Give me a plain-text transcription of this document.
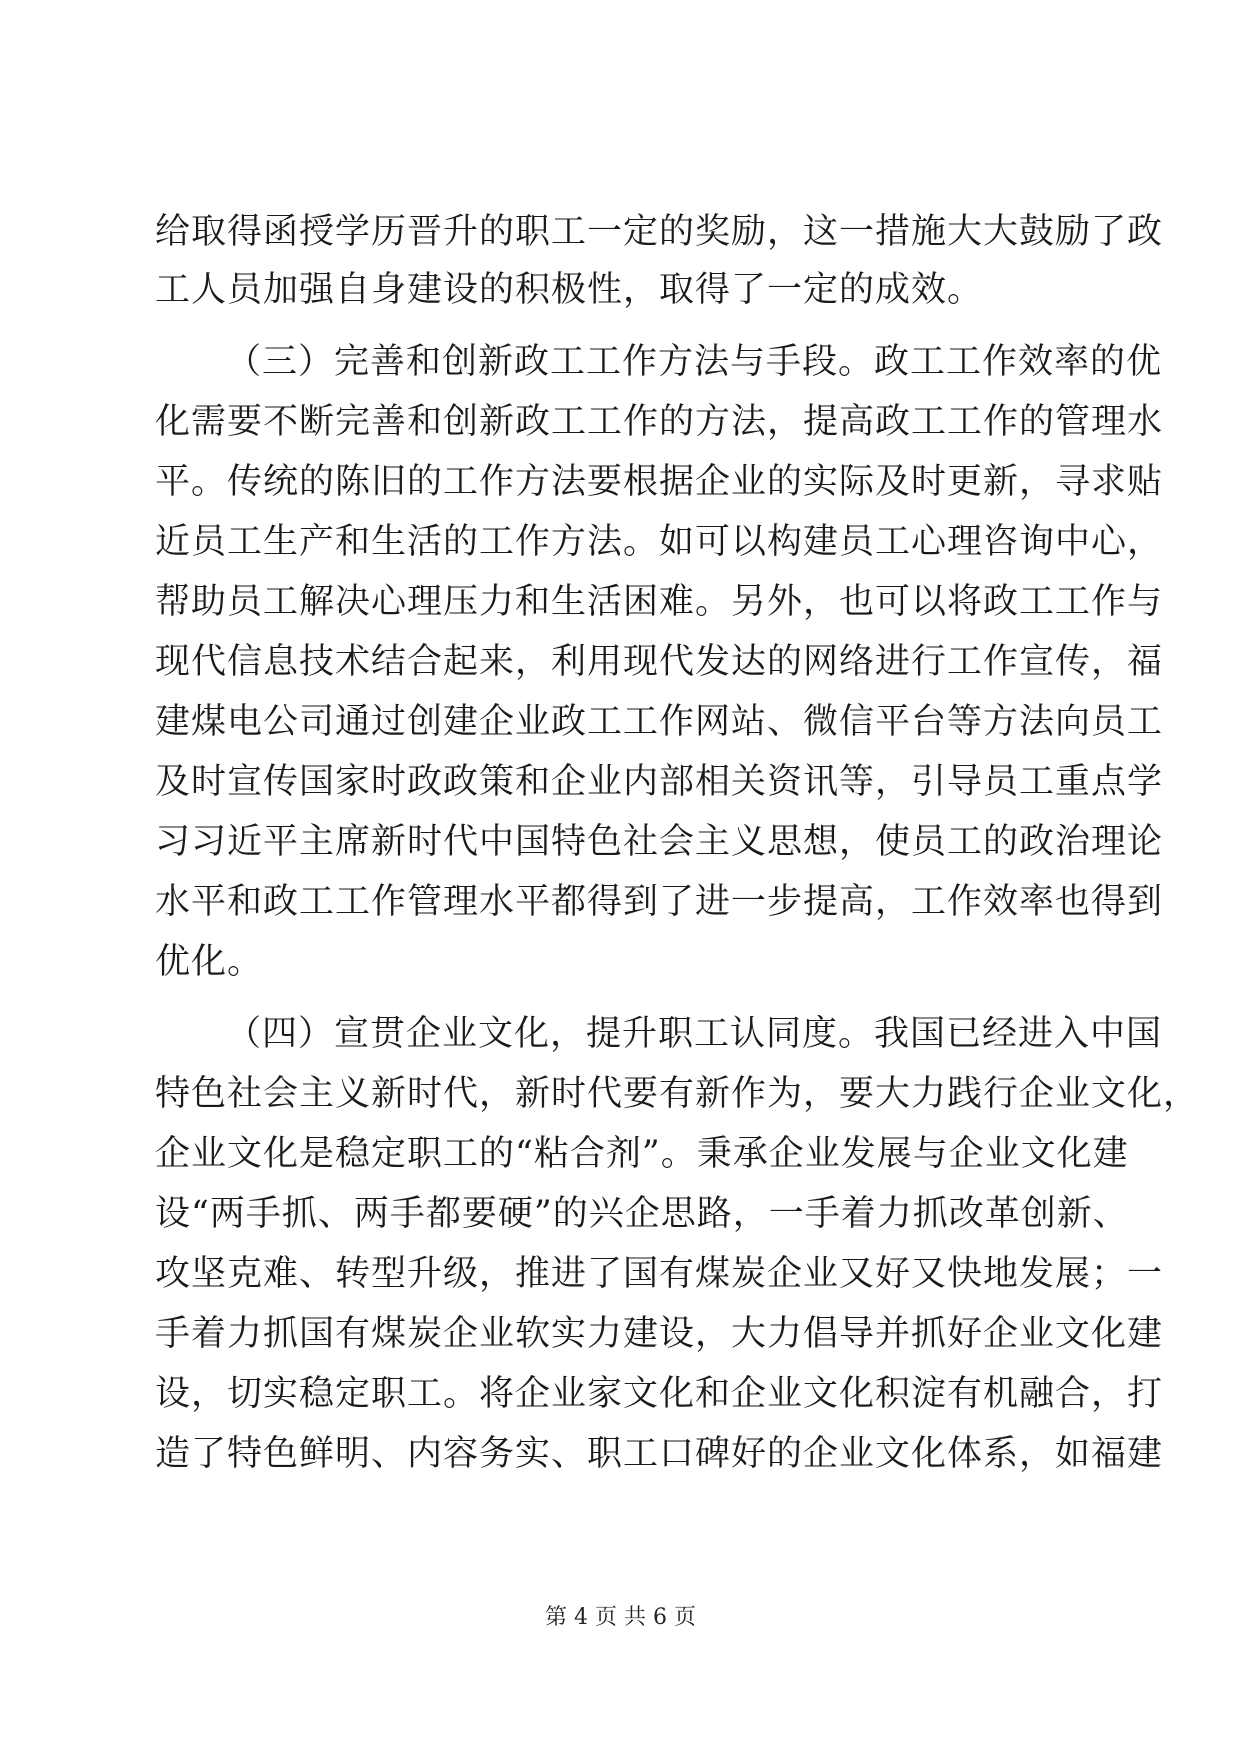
给取得函授学历晋升的职工一定的奖励，这一措施大大鼓励了政
工人员加强自身建设的积极性，取得了一定的成效。
（三）完善和创新政工工作方法与手段。政工工作效率的优
化需要不断完善和创新政工工作的方法，提高政工工作的管理水
平。传统的陈旧的工作方法要根据企业的实际及时更新，寻求贴
近员工生产和生活的工作方法。如可以构建员工心理咨询中心，
帮助员工解决心理压力和生活困难。另外，也可以将政工工作与
现代信息技术结合起来，利用现代发达的网络进行工作宣传，福
建煤电公司通过创建企业政工工作网站、微信平台等方法向员工
及时宣传国家时政政策和企业内部相关资讯等，引导员工重点学
习习近平主席新时代中国特色社会主义思想，使员工的政治理论
水平和政工工作管理水平都得到了进一步提高，工作效率也得到
优化。
（四）宣贯企业文化，提升职工认同度。我国已经进入中国
特色社会主义新时代，新时代要有新作为，要大力践行企业文化，
企业文化是稳定职工的“粘合剂”。秉承企业发展与企业文化建
设“两手抓、两手都要硬”的兴企思路，一手着力抓改革创新、
攻坚克难、转型升级，推进了国有煤炭企业又好又快地发展；一
手着力抓国有煤炭企业软实力建设，大力倡导并抓好企业文化建
设，切实稳定职工。将企业家文化和企业文化积淀有机融合，打
造了特色鲜明、内容务实、职工口碑好的企业文化体系，如福建
第 4 页 共 6 页
